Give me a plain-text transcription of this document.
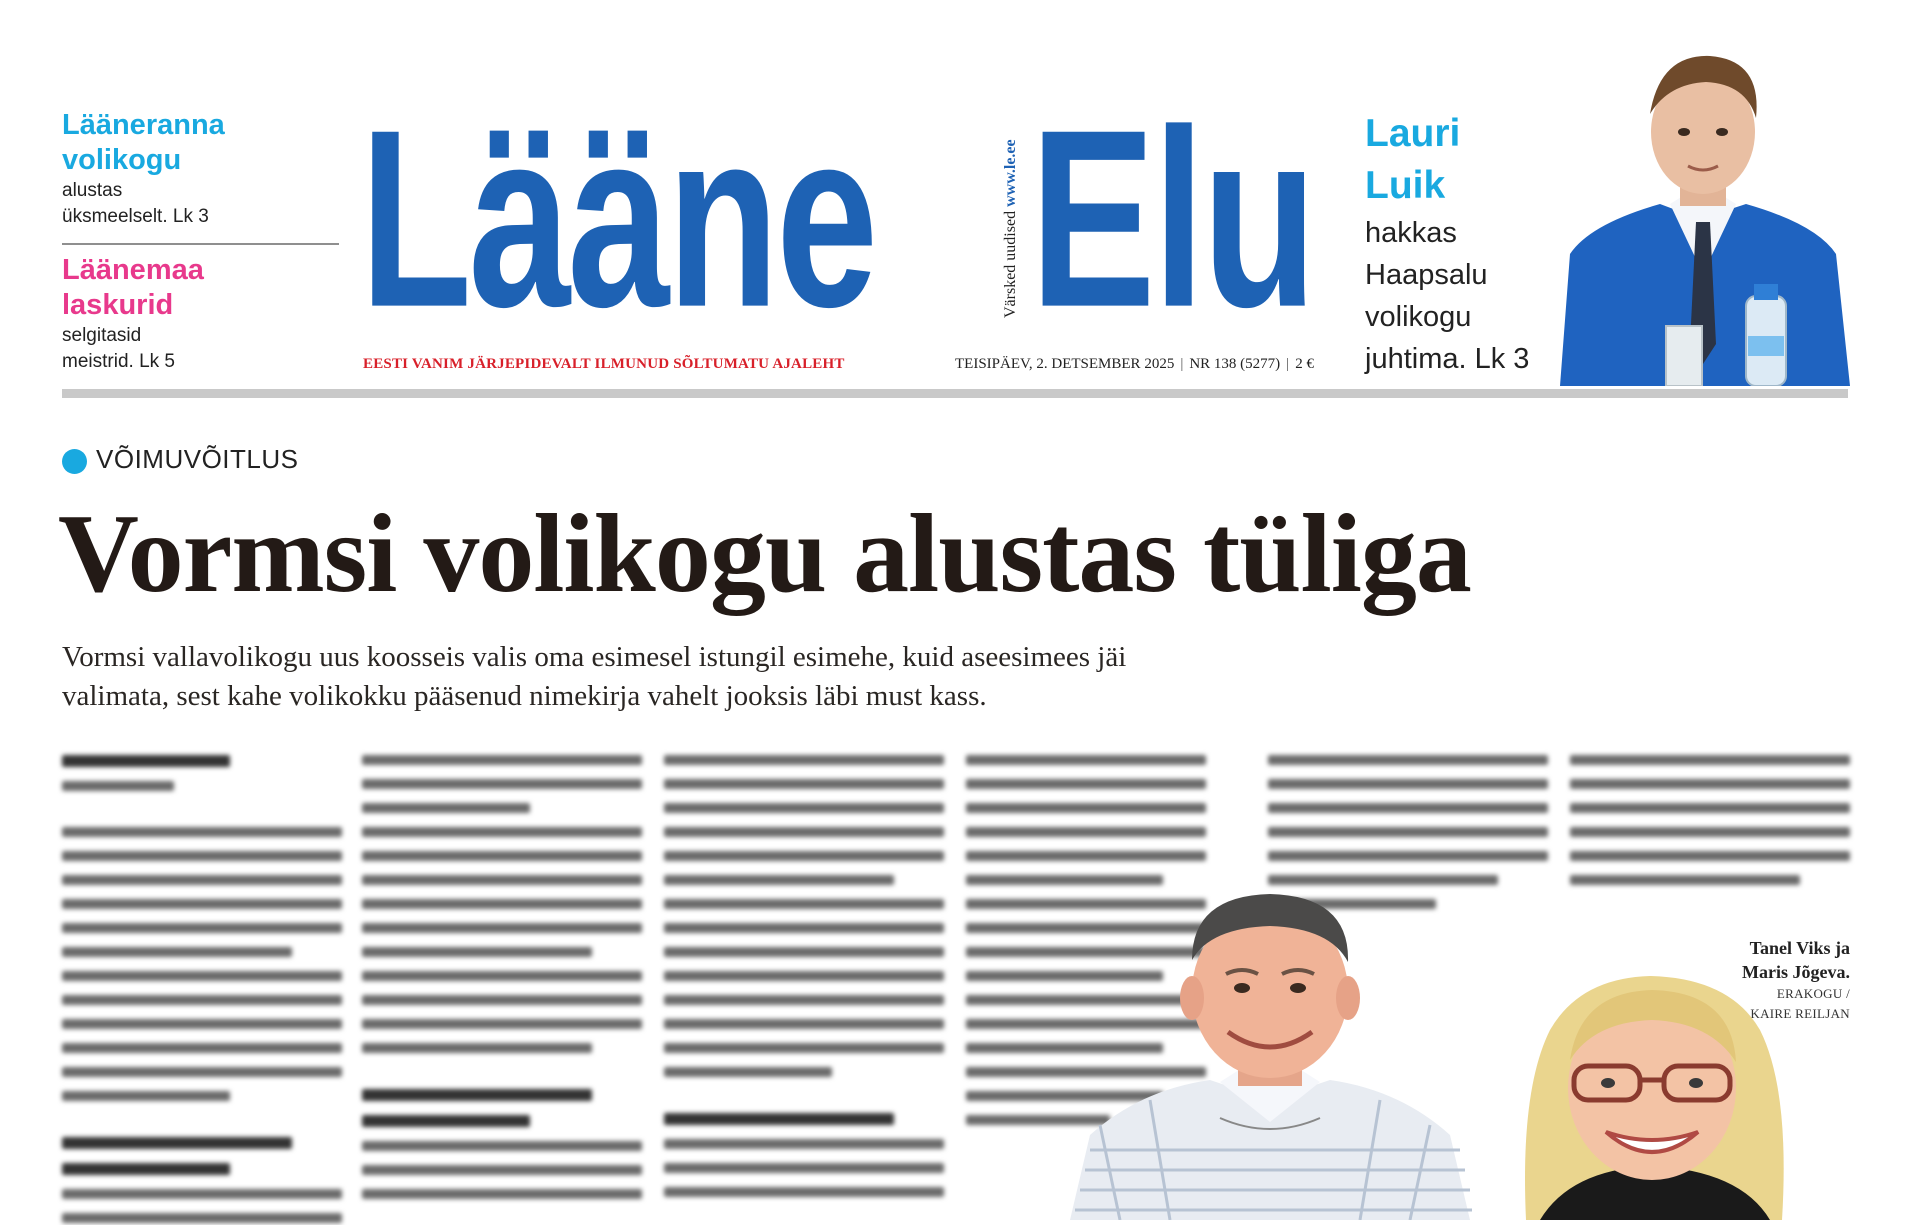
Lääneranna
volikogu
alustas
üksmeelselt. Lk 3
Läänemaa
laskurid
selgitasid
meistrid. Lk 5
Lääne Elu
Värsked uudised www.le.ee
EESTI VANIM JÄRJEPIDEVALT ILMUNUD SÕLTUMATU AJALEHT	TEISIPÄEV, 2. DETSEMBER 2025 | NR 138 (5277) | 2 €
Lauri
Luik
hakkas
Haapsalu
volikogu
juhtima. Lk 3
VÕIMUVÕITLUS
Vormsi volikogu alustas tüliga
Vormsi vallavolikogu uus koosseis valis oma esimesel istungil esimehe, kuid aseesimees jäi
valimata, sest kahe volikokku pääsenud nimekirja vahelt jooksis läbi must kass.
Tanel Viks ja
Maris Jõgeva.
ERAKOGU /
KAIRE REILJAN
